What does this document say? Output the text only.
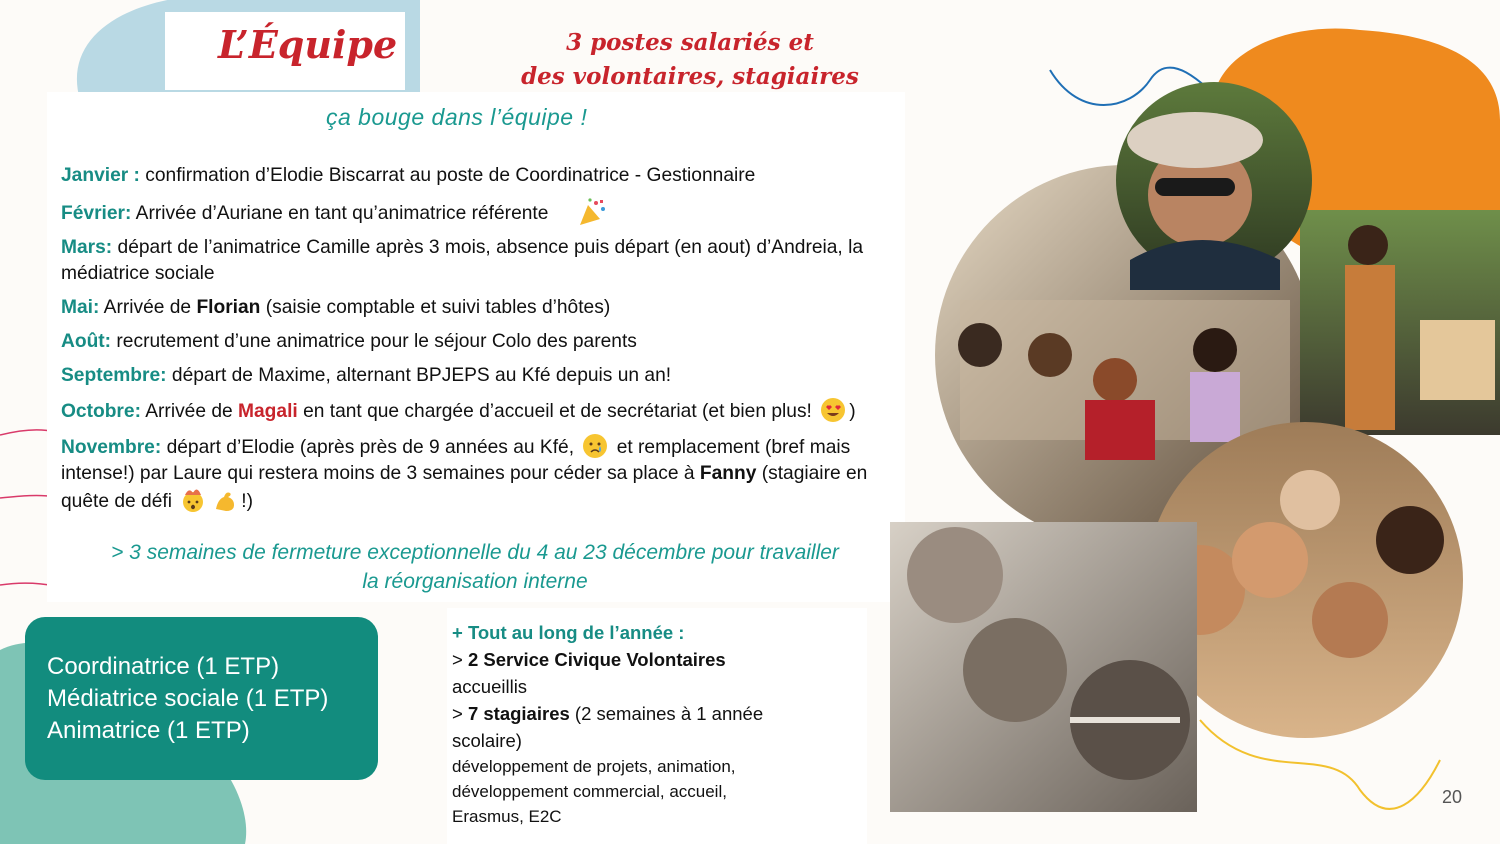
L’Équipe	3 postes salariés et
des volontaires, stagiaires
ça bouge dans l’équipe !
Janvier : confirmation d’Elodie Biscarrat au poste de Coordinatrice - Gestionnaire
Février: Arrivée d’Auriane en tant qu’animatrice référente
Mars: départ de l’animatrice Camille après 3 mois, absence puis départ (en aout) d’Andreia, la médiatrice sociale
Mai: Arrivée de Florian (saisie comptable et suivi tables d’hôtes)
Août: recrutement d’une animatrice pour le séjour Colo des parents
Septembre: départ de Maxime, alternant BPJEPS au Kfé depuis un an!
Octobre: Arrivée de Magali en tant que chargée d’accueil et de secrétariat (et bien plus! )
Novembre: départ d’Elodie (après près de 9 années au Kfé,  et remplacement (bref mais intense!) par Laure qui restera moins de 3 semaines pour céder sa place à Fanny (stagiaire en quête de défi	!)
> 3 semaines de fermeture exceptionnelle du 4 au 23 décembre pour travailler
la réorganisation interne
Coordinatrice (1 ETP)
Médiatrice sociale (1 ETP)
Animatrice (1 ETP)
+ Tout au long de l’année :
> 2 Service Civique Volontaires
accueillis
> 7 stagiaires (2 semaines à 1 année
scolaire)
développement de projets, animation,
développement commercial, accueil,
Erasmus, E2C
20
